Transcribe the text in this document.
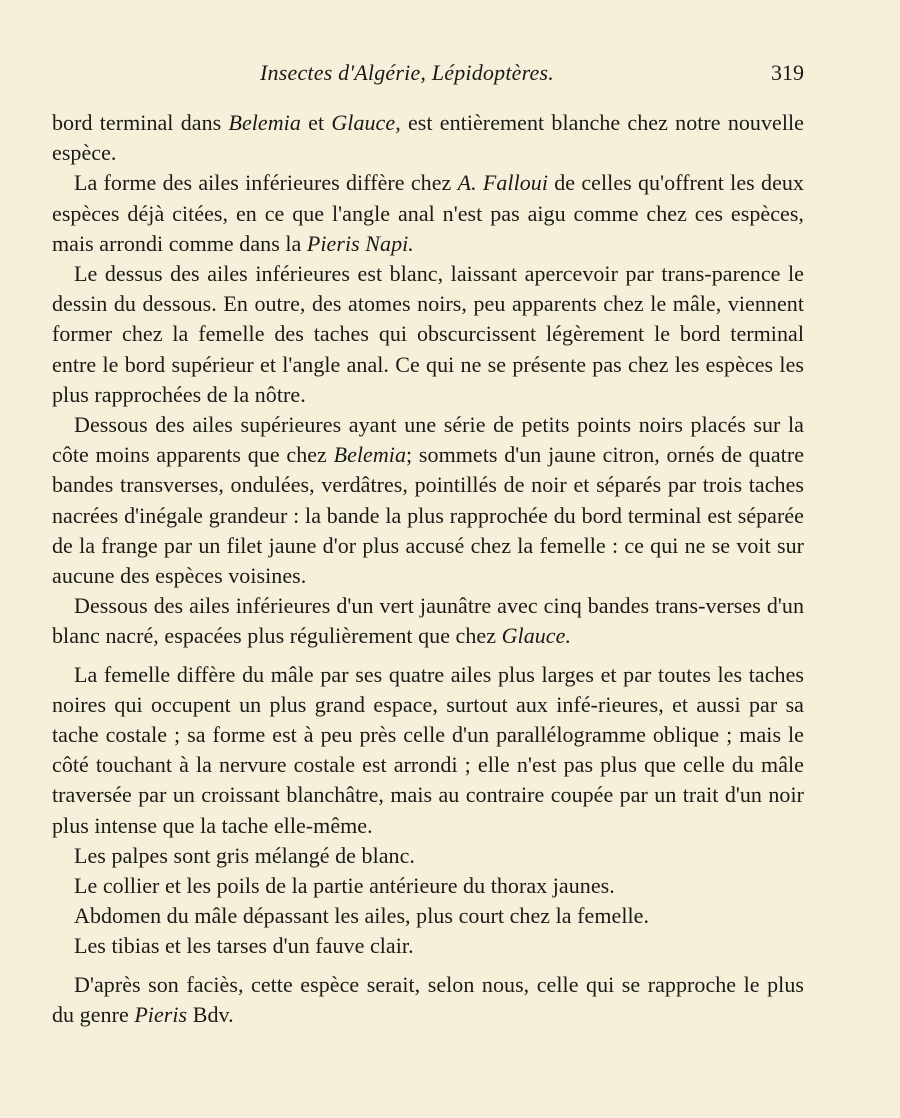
Insectes d'Algérie, Lépidoptères.	319

bord terminal dans Belemia et Glauce, est entièrement blanche chez notre nouvelle espèce.

La forme des ailes inférieures diffère chez A. Falloui de celles qu'offrent les deux espèces déjà citées, en ce que l'angle anal n'est pas aigu comme chez ces espèces, mais arrondi comme dans la Pieris Napi.

Le dessus des ailes inférieures est blanc, laissant apercevoir par trans-parence le dessin du dessous. En outre, des atomes noirs, peu apparents chez le mâle, viennent former chez la femelle des taches qui obscurcissent légèrement le bord terminal entre le bord supérieur et l'angle anal. Ce qui ne se présente pas chez les espèces les plus rapprochées de la nôtre.

Dessous des ailes supérieures ayant une série de petits points noirs placés sur la côte moins apparents que chez Belemia; sommets d'un jaune citron, ornés de quatre bandes transverses, ondulées, verdâtres, pointillés de noir et séparés par trois taches nacrées d'inégale grandeur : la bande la plus rapprochée du bord terminal est séparée de la frange par un filet jaune d'or plus accusé chez la femelle : ce qui ne se voit sur aucune des espèces voisines.

Dessous des ailes inférieures d'un vert jaunâtre avec cinq bandes trans-verses d'un blanc nacré, espacées plus régulièrement que chez Glauce.

La femelle diffère du mâle par ses quatre ailes plus larges et par toutes les taches noires qui occupent un plus grand espace, surtout aux infé-rieures, et aussi par sa tache costale ; sa forme est à peu près celle d'un parallélogramme oblique ; mais le côté touchant à la nervure costale est arrondi ; elle n'est pas plus que celle du mâle traversée par un croissant blanchâtre, mais au contraire coupée par un trait d'un noir plus intense que la tache elle-même.

Les palpes sont gris mélangé de blanc.

Le collier et les poils de la partie antérieure du thorax jaunes.

Abdomen du mâle dépassant les ailes, plus court chez la femelle.

Les tibias et les tarses d'un fauve clair.

D'après son faciès, cette espèce serait, selon nous, celle qui se rapproche le plus du genre Pieris Bdv.
